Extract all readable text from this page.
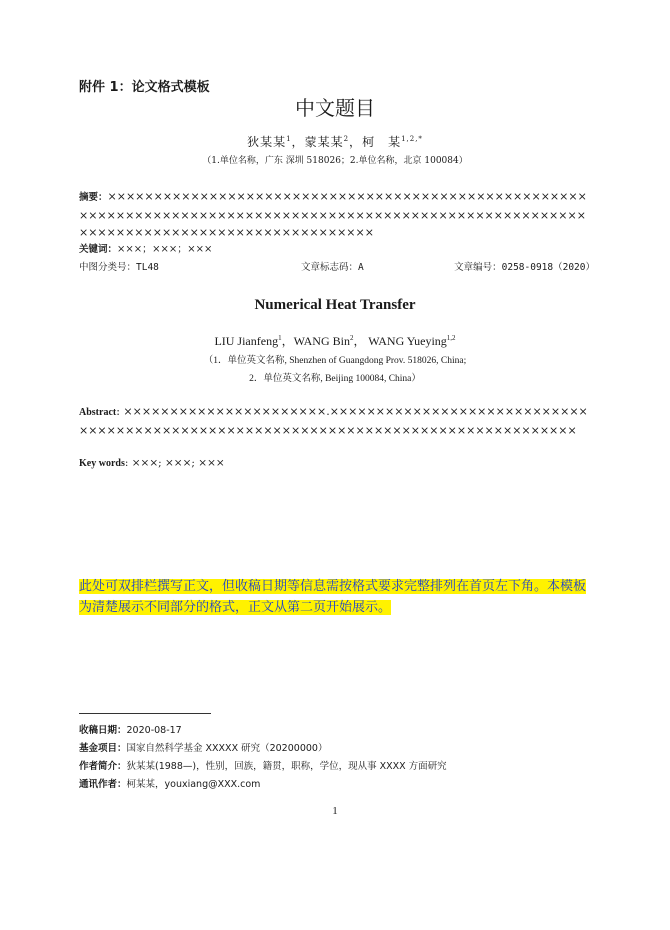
附件 1：论文格式模板
中文题目
狄某某$^1$，蒙某某$^2$，柯　某$^{1,2,*}$
（1.单位名称，广东 深圳 518026；2.单位名称，北京 100084）
摘要：×××××××××××××××××××××××××××××××××××××××××××××××××××××××××××××××××××××××××××××××××××××××××××××××××××××××××××××××××××××××××××××××××××××××××××
关键词：×××；×××；×××
中图分类号：TL48	文章标志码：A	文章编号：0258-0918（2020）
Numerical Heat Transfer
LIU Jianfeng$^1$，WANG Bin$^2$， WANG Yueying$^{1,2}$
（1．单位英文名称, Shenzhen of Guangdong Prov. 518026, China;
2．单位英文名称, Beijing 100084, China）
Abstract: ××××××××××××××××××××××.××××××××××××××××××××××××××××××××××××××××××××××××××××××××××××××××××××××××××××××××××
Key words: ×××; ×××; ×××
此处可双排栏撰写正文，但收稿日期等信息需按格式要求完整排列在首页左下角。本模板为清楚展示不同部分的格式，正文从第二页开始展示。
收稿日期：2020-08-17
基金项目：国家自然科学基金 XXXXX 研究（20200000）
作者简介：狄某某(1988—)，性别，回族，籍贯，职称，学位，现从事 XXXX 方面研究
通讯作者：柯某某，youxiang@XXX.com
1
